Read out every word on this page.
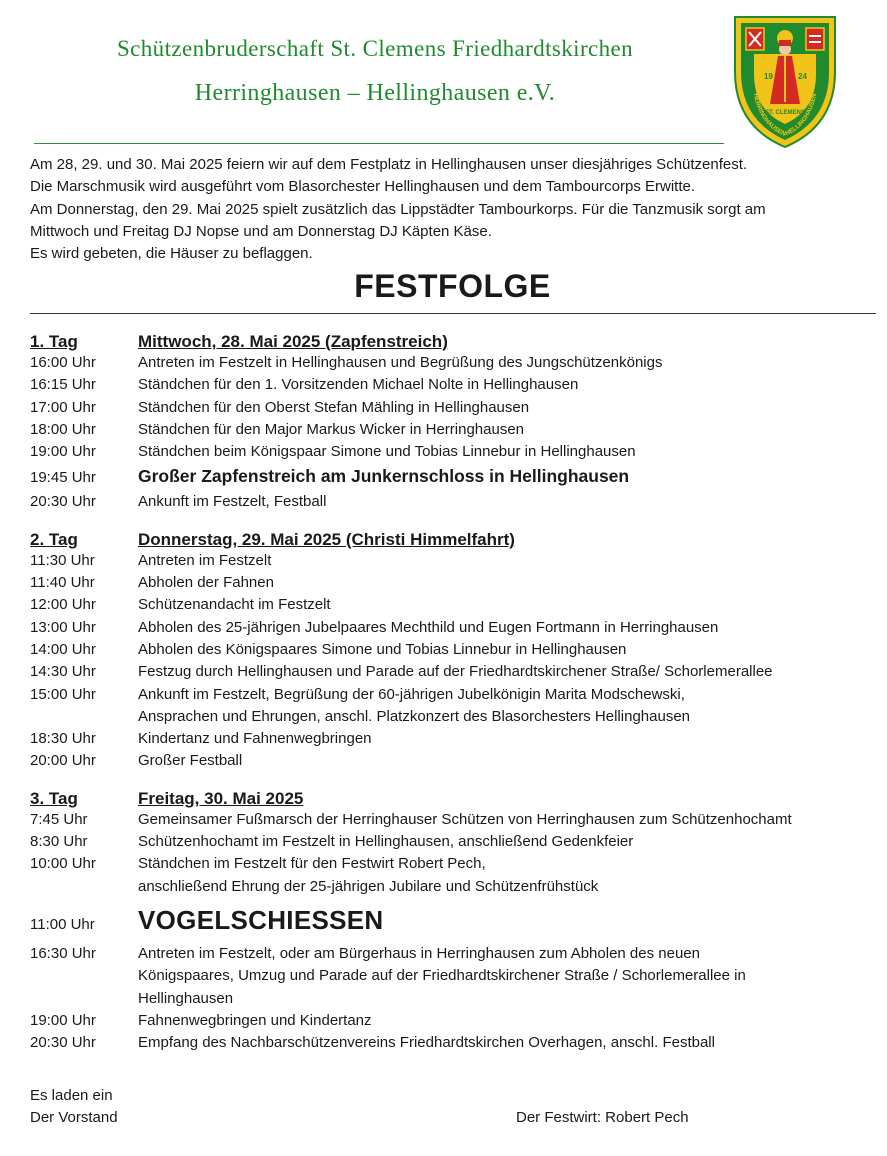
Schützenbruderschaft St. Clemens Friedhardtskirchen
Herringhausen – Hellinghausen e.V.
19	24
ST. CLEMENS
HERRINGHAUSEN-HELLINGHAUSEN
Am 28, 29. und 30. Mai 2025 feiern wir auf dem Festplatz in Hellinghausen unser diesjähriges Schützenfest.
Die Marschmusik wird ausgeführt vom Blasorchester Hellinghausen und dem Tambourcorps Erwitte.
Am Donnerstag, den 29. Mai 2025 spielt zusätzlich das Lippstädter Tambourkorps. Für die Tanzmusik sorgt am
Mittwoch und Freitag DJ Nopse und am Donnerstag DJ Käpten Käse.
Es wird gebeten, die Häuser zu beflaggen.
FESTFOLGE
1. Tag	Mittwoch, 28. Mai 2025 (Zapfenstreich)
16:00 Uhr	Antreten im Festzelt in Hellinghausen und Begrüßung des Jungschützenkönigs
16:15 Uhr	Ständchen für den 1. Vorsitzenden Michael Nolte in Hellinghausen
17:00 Uhr	Ständchen für den Oberst Stefan Mähling in Hellinghausen
18:00 Uhr	Ständchen für den Major Markus Wicker in Herringhausen
19:00 Uhr	Ständchen beim Königspaar Simone und Tobias Linnebur in Hellinghausen
19:45 Uhr	Großer Zapfenstreich am Junkernschloss in Hellinghausen
20:30 Uhr	Ankunft im Festzelt, Festball
2. Tag	Donnerstag, 29. Mai 2025 (Christi Himmelfahrt)
11:30 Uhr	Antreten im Festzelt
11:40 Uhr	Abholen der Fahnen
12:00 Uhr	Schützenandacht im Festzelt
13:00 Uhr	Abholen des 25-jährigen Jubelpaares Mechthild und Eugen Fortmann in Herringhausen
14:00 Uhr	Abholen des Königspaares Simone und Tobias Linnebur in Hellinghausen
14:30 Uhr	Festzug durch Hellinghausen und Parade auf der Friedhardtskirchener Straße/ Schorlemerallee
15:00 Uhr	Ankunft im Festzelt, Begrüßung der 60-jährigen Jubelkönigin Marita Modschewski,
Ansprachen und Ehrungen, anschl. Platzkonzert des Blasorchesters Hellinghausen
18:30 Uhr	Kindertanz und Fahnenwegbringen
20:00 Uhr	Großer Festball
3. Tag	Freitag, 30. Mai 2025
7:45 Uhr	Gemeinsamer Fußmarsch der Herringhauser Schützen von Herringhausen zum Schützenhochamt
8:30 Uhr	Schützenhochamt im Festzelt in Hellinghausen, anschließend Gedenkfeier
10:00 Uhr	Ständchen im Festzelt für den Festwirt Robert Pech,
anschließend Ehrung der 25-jährigen Jubilare und Schützenfrühstück
11:00 Uhr	VOGELSCHIESSEN
16:30 Uhr	Antreten im Festzelt, oder am Bürgerhaus in Herringhausen zum Abholen des neuen
Königspaares, Umzug und Parade auf der Friedhardtskirchener Straße / Schorlemerallee in
Hellinghausen
19:00 Uhr	Fahnenwegbringen und Kindertanz
20:30 Uhr	Empfang des Nachbarschützenvereins Friedhardtskirchen Overhagen, anschl. Festball
Es laden ein
Der Vorstand	Der Festwirt: Robert Pech
